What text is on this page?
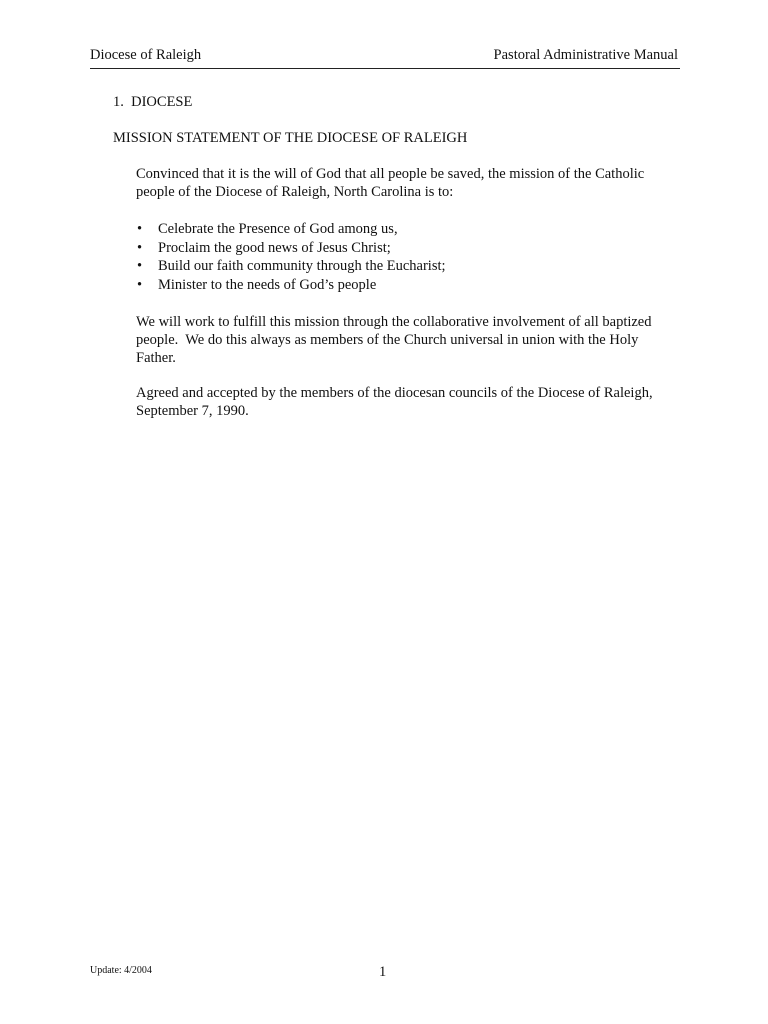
Diocese of Raleigh	Pastoral Administrative Manual
1. DIOCESE
MISSION STATEMENT OF THE DIOCESE OF RALEIGH
Convinced that it is the will of God that all people be saved, the mission of the Catholic
people of the Diocese of Raleigh, North Carolina is to:
• Celebrate the Presence of God among us,
• Proclaim the good news of Jesus Christ;
• Build our faith community through the Eucharist;
• Minister to the needs of God’s people
We will work to fulfill this mission through the collaborative involvement of all baptized
people.  We do this always as members of the Church universal in union with the Holy
Father.
Agreed and accepted by the members of the diocesan councils of the Diocese of Raleigh,
September 7, 1990.
Update: 4/2004	1
